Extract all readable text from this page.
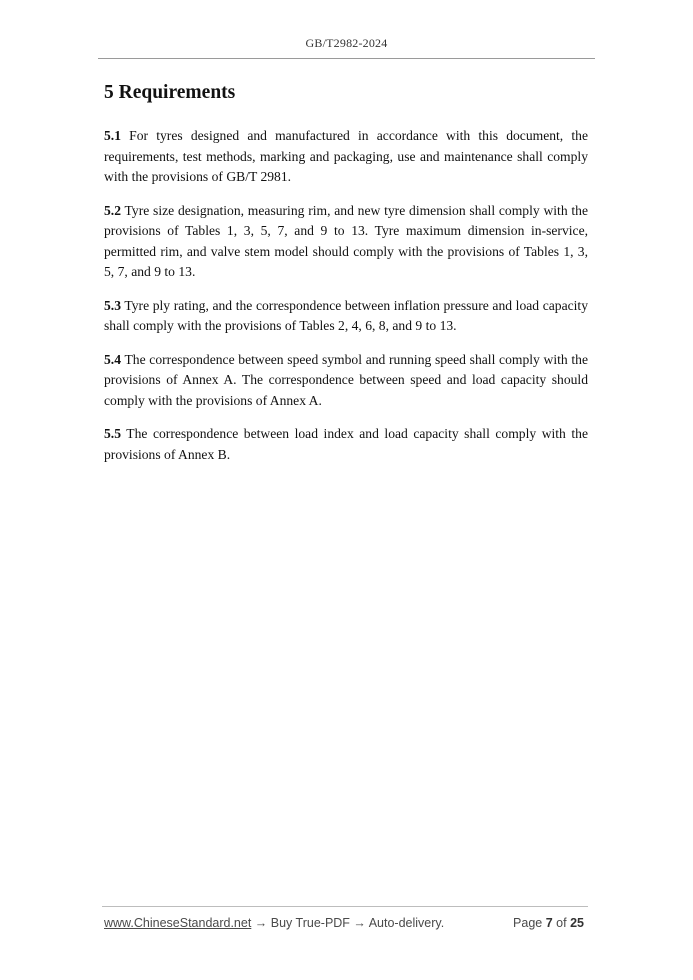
GB/T2982-2024
5 Requirements

5.1 For tyres designed and manufactured in accordance with this document, the requirements, test methods, marking and packaging, use and maintenance shall comply with the provisions of GB/T 2981.

5.2 Tyre size designation, measuring rim, and new tyre dimension shall comply with the provisions of Tables 1, 3, 5, 7, and 9 to 13. Tyre maximum dimension in-service, permitted rim, and valve stem model should comply with the provisions of Tables 1, 3, 5, 7, and 9 to 13.

5.3 Tyre ply rating, and the correspondence between inflation pressure and load capacity shall comply with the provisions of Tables 2, 4, 6, 8, and 9 to 13.

5.4 The correspondence between speed symbol and running speed shall comply with the provisions of Annex A. The correspondence between speed and load capacity should comply with the provisions of Annex A.

5.5 The correspondence between load index and load capacity shall comply with the provisions of Annex B.

www.ChineseStandard.net → Buy True-PDF → Auto-delivery.	Page 7 of 25
